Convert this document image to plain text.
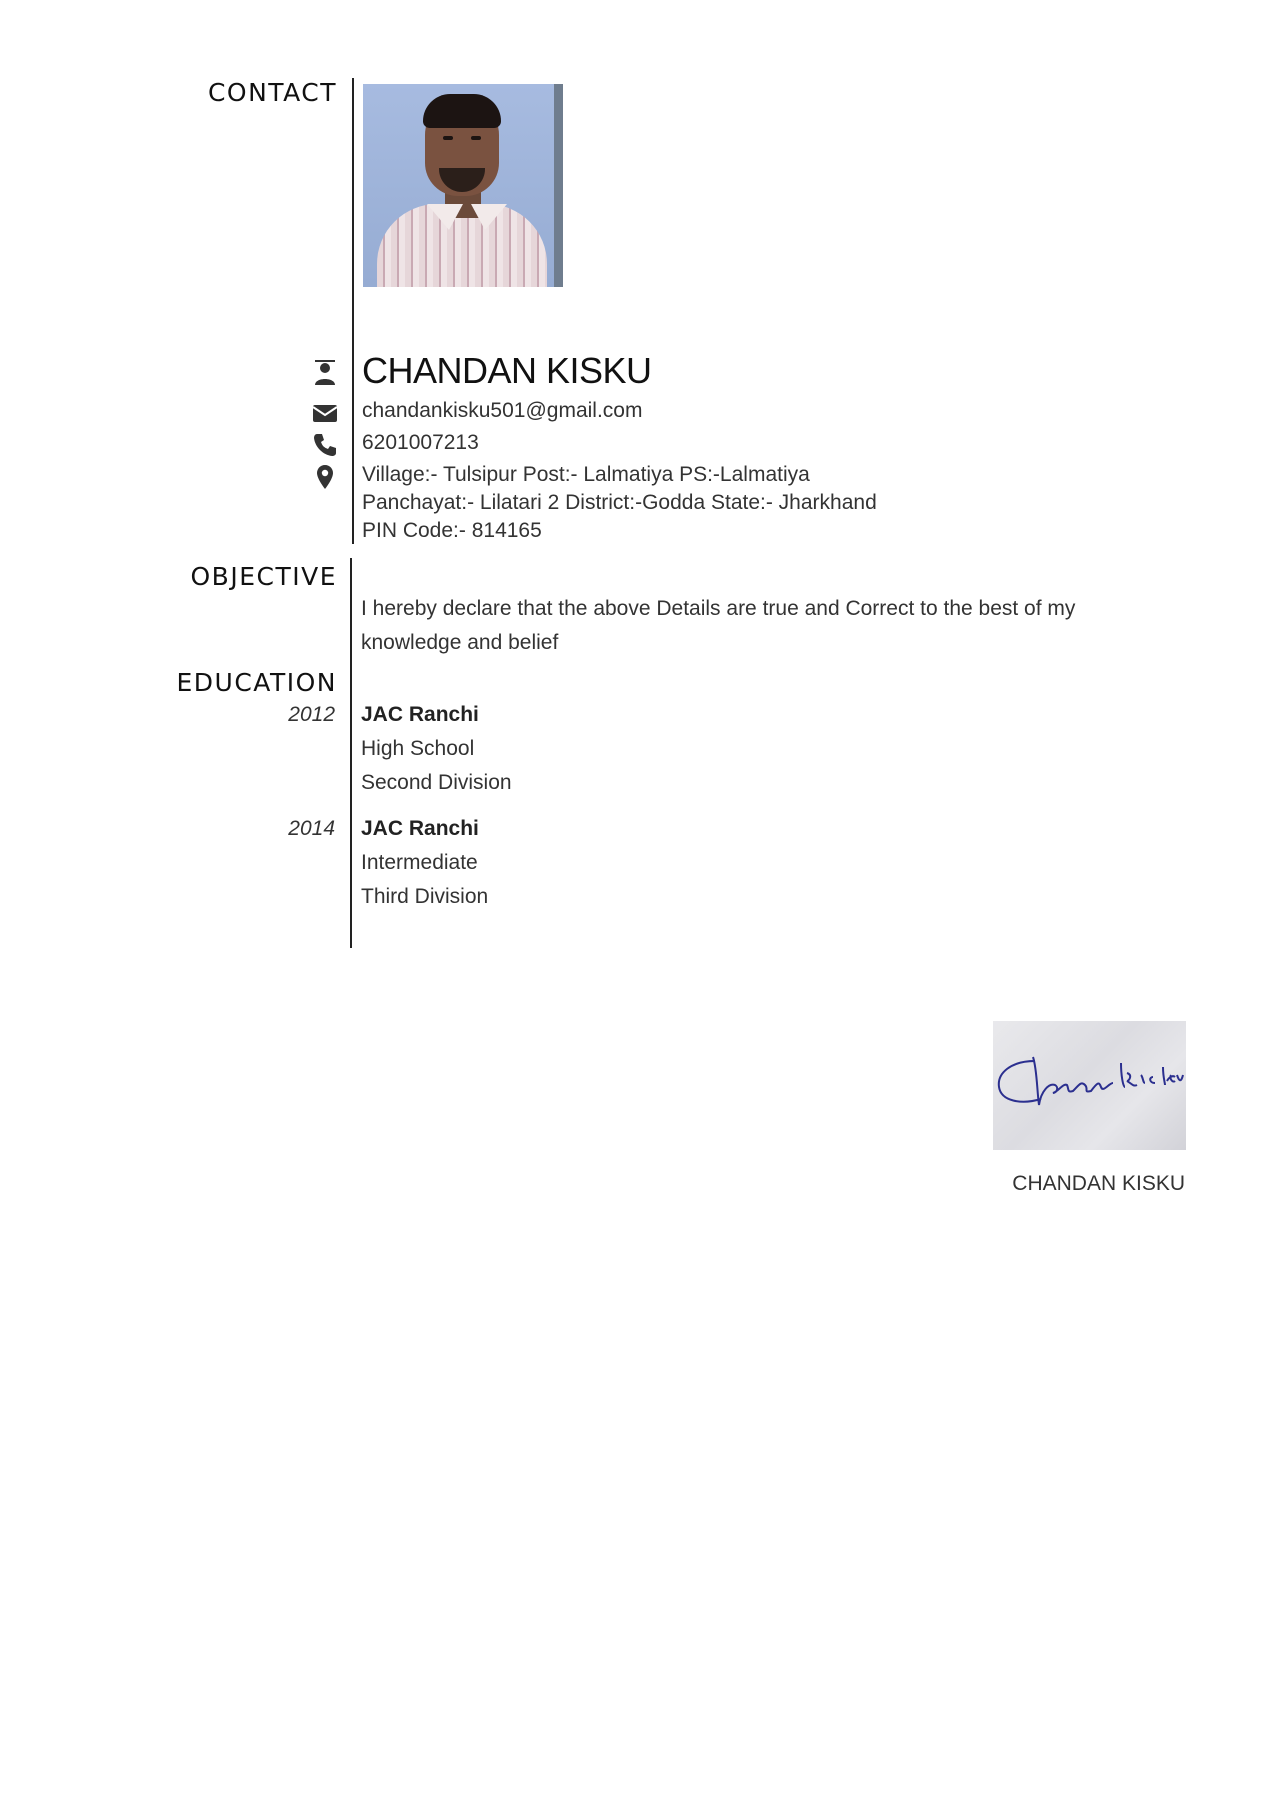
CONTACT
OBJECTIVE
EDUCATION
CHANDAN KISKU
chandankisku501@gmail.com
6201007213
Village:- Tulsipur Post:- Lalmatiya PS:-Lalmatiya Panchayat:- Lilatari 2 District:-Godda State:- Jharkhand PIN Code:- 814165
I hereby declare that the above Details are true and Correct to the best of my knowledge and belief
2012 JAC Ranchi
High School
Second Division
2014 JAC Ranchi
Intermediate
Third Division
CHANDAN KISKU
